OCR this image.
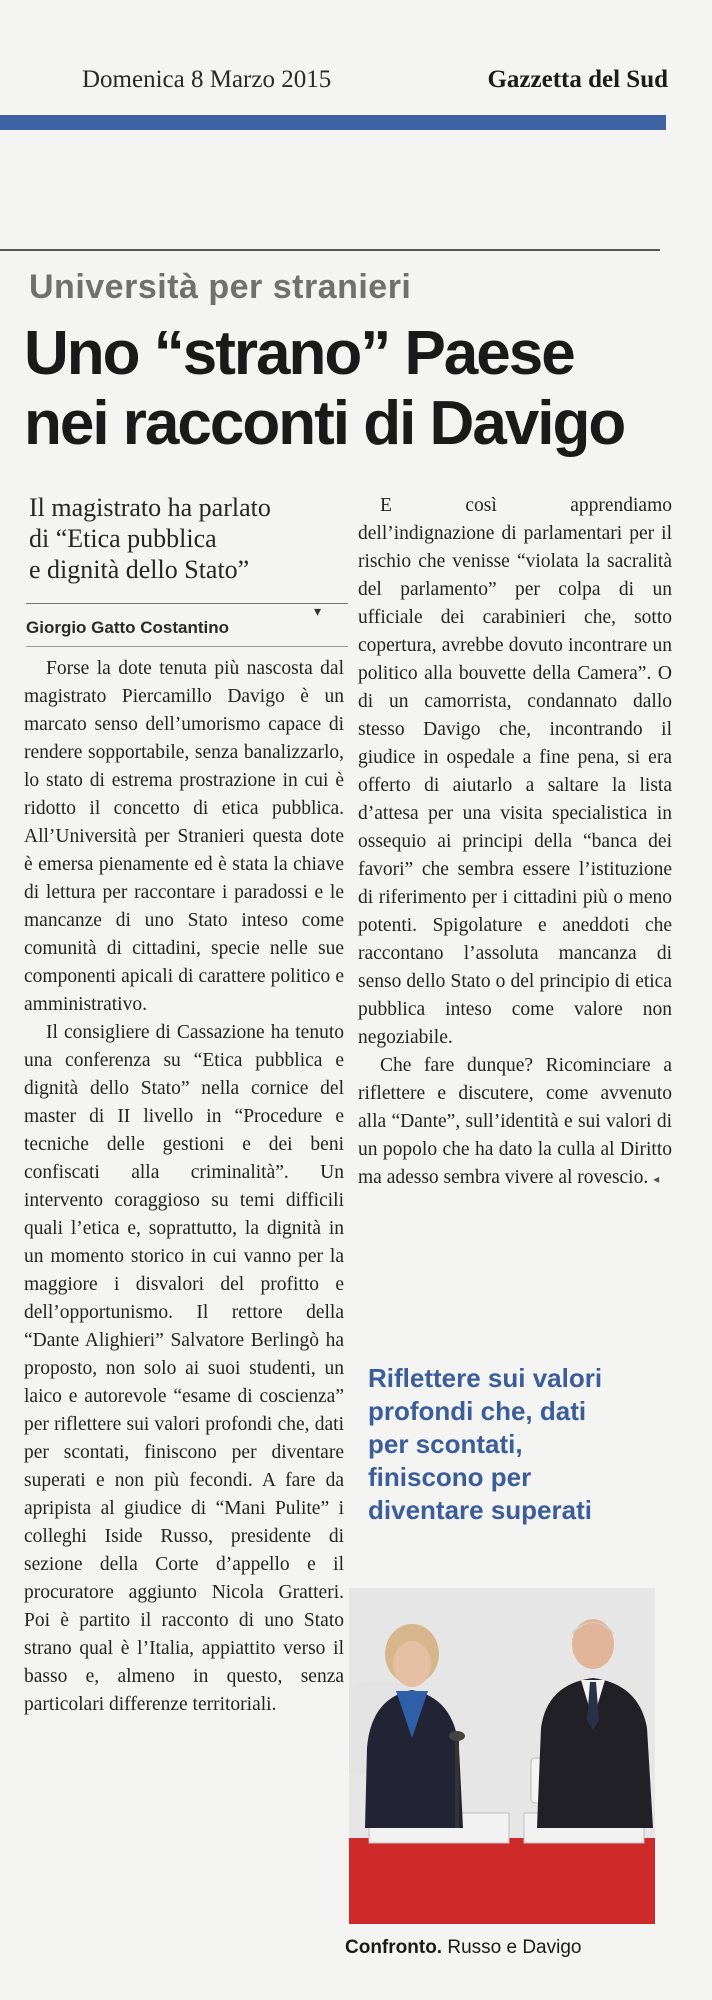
Domenica 8 Marzo 2015	Gazzetta del Sud
Università per stranieri
Uno “strano” Paese
nei racconti di Davigo
Il magistrato ha parlato
di “Etica pubblica
e dignità dello Stato”
Giorgio Gatto Costantino
▾

Forse la dote tenuta più nascosta dal magistrato Piercamillo Davigo è un marcato senso dell’umorismo capace di rendere sopportabile, senza banalizzarlo, lo stato di estrema prostrazione in cui è ridotto il concetto di etica pubblica. All’Università per Stranieri questa dote è emersa pienamente ed è stata la chiave di lettura per raccontare i paradossi e le mancanze di uno Stato inteso come comunità di cittadini, specie nelle sue componenti apicali di carattere politico e amministrativo.

Il consigliere di Cassazione ha tenuto una conferenza su “Etica pubblica e dignità dello Stato” nella cornice del master di II livello in “Procedure e tecniche delle gestioni e dei beni confiscati alla criminalità”. Un intervento coraggioso su temi difficili quali l’etica e, soprattutto, la dignità in un momento storico in cui vanno per la maggiore i disvalori del profitto e dell’opportunismo. Il rettore della “Dante Alighieri” Salvatore Berlingò ha proposto, non solo ai suoi studenti, un laico e autorevole “esame di coscienza” per riflettere sui valori profondi che, dati per scontati, finiscono per diventare superati e non più fecondi. A fare da apripista al giudice di “Mani Pulite” i colleghi Iside Russo, presidente di sezione della Corte d’appello e il procuratore aggiunto Nicola Gratteri. Poi è partito il racconto di uno Stato strano qual è l’Italia, appiattito verso il basso e, almeno in questo, senza particolari differenze territoriali.

E così apprendiamo dell’indignazione di parlamentari per il rischio che venisse “violata la sacralità del parlamento” per colpa di un ufficiale dei carabinieri che, sotto copertura, avrebbe dovuto incontrare un politico alla bouvette della Camera”. O di un camorrista, condannato dallo stesso Davigo che, incontrando il giudice in ospedale a fine pena, si era offerto di aiutarlo a saltare la lista d’attesa per una visita specialistica in ossequio ai principi della “banca dei favori” che sembra essere l’istituzione di riferimento per i cittadini più o meno potenti. Spigolature e aneddoti che raccontano l’assoluta mancanza di senso dello Stato o del principio di etica pubblica inteso come valore non negoziabile.

Che fare dunque? Ricominciare a riflettere e discutere, come avvenuto alla “Dante”, sull’identità e sui valori di un popolo che ha dato la culla al Diritto ma adesso sembra vivere al rovescio. ◂

Riflettere sui valori
profondi che, dati
per scontati,
finiscono per
diventare superati
Confronto. Russo e Davigo
